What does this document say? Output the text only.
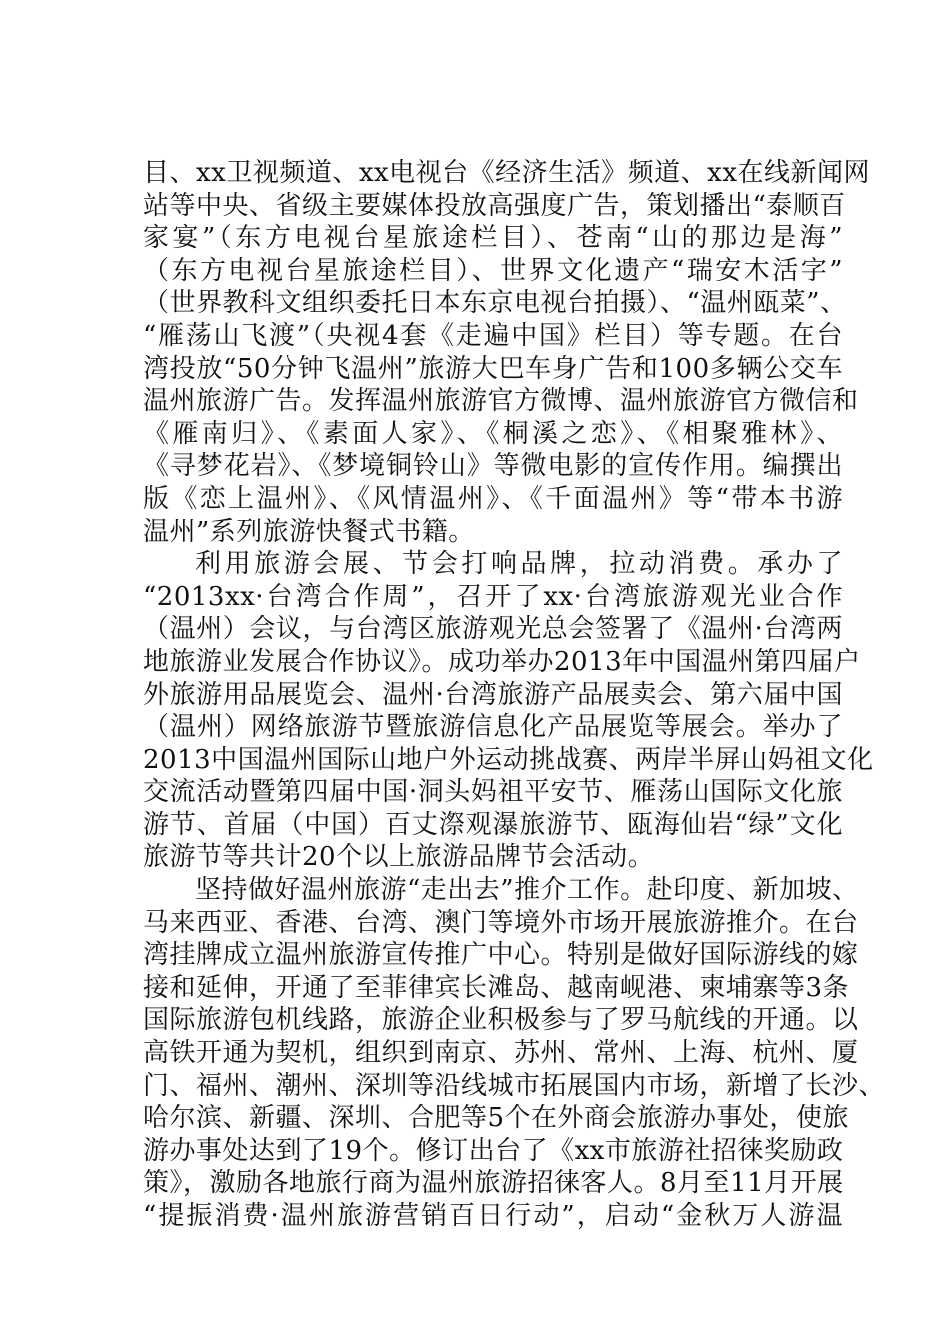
目、xx卫视频道、xx电视台《经济生活》频道、xx在线新闻网
站等中央、省级主要媒体投放高强度广告，策划播出“泰顺百
家宴”（东方电视台星旅途栏目）、苍南“山的那边是海”
（东方电视台星旅途栏目）、世界文化遗产“瑞安木活字”
（世界教科文组织委托日本东京电视台拍摄）、“温州瓯菜”、
“雁荡山飞渡”（央视4套《走遍中国》栏目）等专题。在台
湾投放“50分钟飞温州”旅游大巴车身广告和100多辆公交车
温州旅游广告。发挥温州旅游官方微博、温州旅游官方微信和
《雁南归》、《素面人家》、《桐溪之恋》、《相聚雅林》、
《寻梦花岩》、《梦境铜铃山》等微电影的宣传作用。编撰出
版《恋上温州》、《风情温州》、《千面温州》等“带本书游
温州”系列旅游快餐式书籍。
利用旅游会展、节会打响品牌，拉动消费。承办了
“2013xx·台湾合作周”，召开了xx·台湾旅游观光业合作
（温州）会议，与台湾区旅游观光总会签署了《温州·台湾两
地旅游业发展合作协议》。成功举办2013年中国温州第四届户
外旅游用品展览会、温州·台湾旅游产品展卖会、第六届中国
（温州）网络旅游节暨旅游信息化产品展览等展会。举办了
2013中国温州国际山地户外运动挑战赛、两岸半屏山妈祖文化
交流活动暨第四届中国·洞头妈祖平安节、雁荡山国际文化旅
游节、首届（中国）百丈漈观瀑旅游节、瓯海仙岩“绿”文化
旅游节等共计20个以上旅游品牌节会活动。
坚持做好温州旅游“走出去”推介工作。赴印度、新加坡、
马来西亚、香港、台湾、澳门等境外市场开展旅游推介。在台
湾挂牌成立温州旅游宣传推广中心。特别是做好国际游线的嫁
接和延伸，开通了至菲律宾长滩岛、越南岘港、柬埔寨等3条
国际旅游包机线路，旅游企业积极参与了罗马航线的开通。以
高铁开通为契机，组织到南京、苏州、常州、上海、杭州、厦
门、福州、潮州、深圳等沿线城市拓展国内市场，新增了长沙、
哈尔滨、新疆、深圳、合肥等5个在外商会旅游办事处，使旅
游办事处达到了19个。修订出台了《xx市旅游社招徕奖励政
策》，激励各地旅行商为温州旅游招徕客人。8月至11月开展
“提振消费·温州旅游营销百日行动”，启动“金秋万人游温
